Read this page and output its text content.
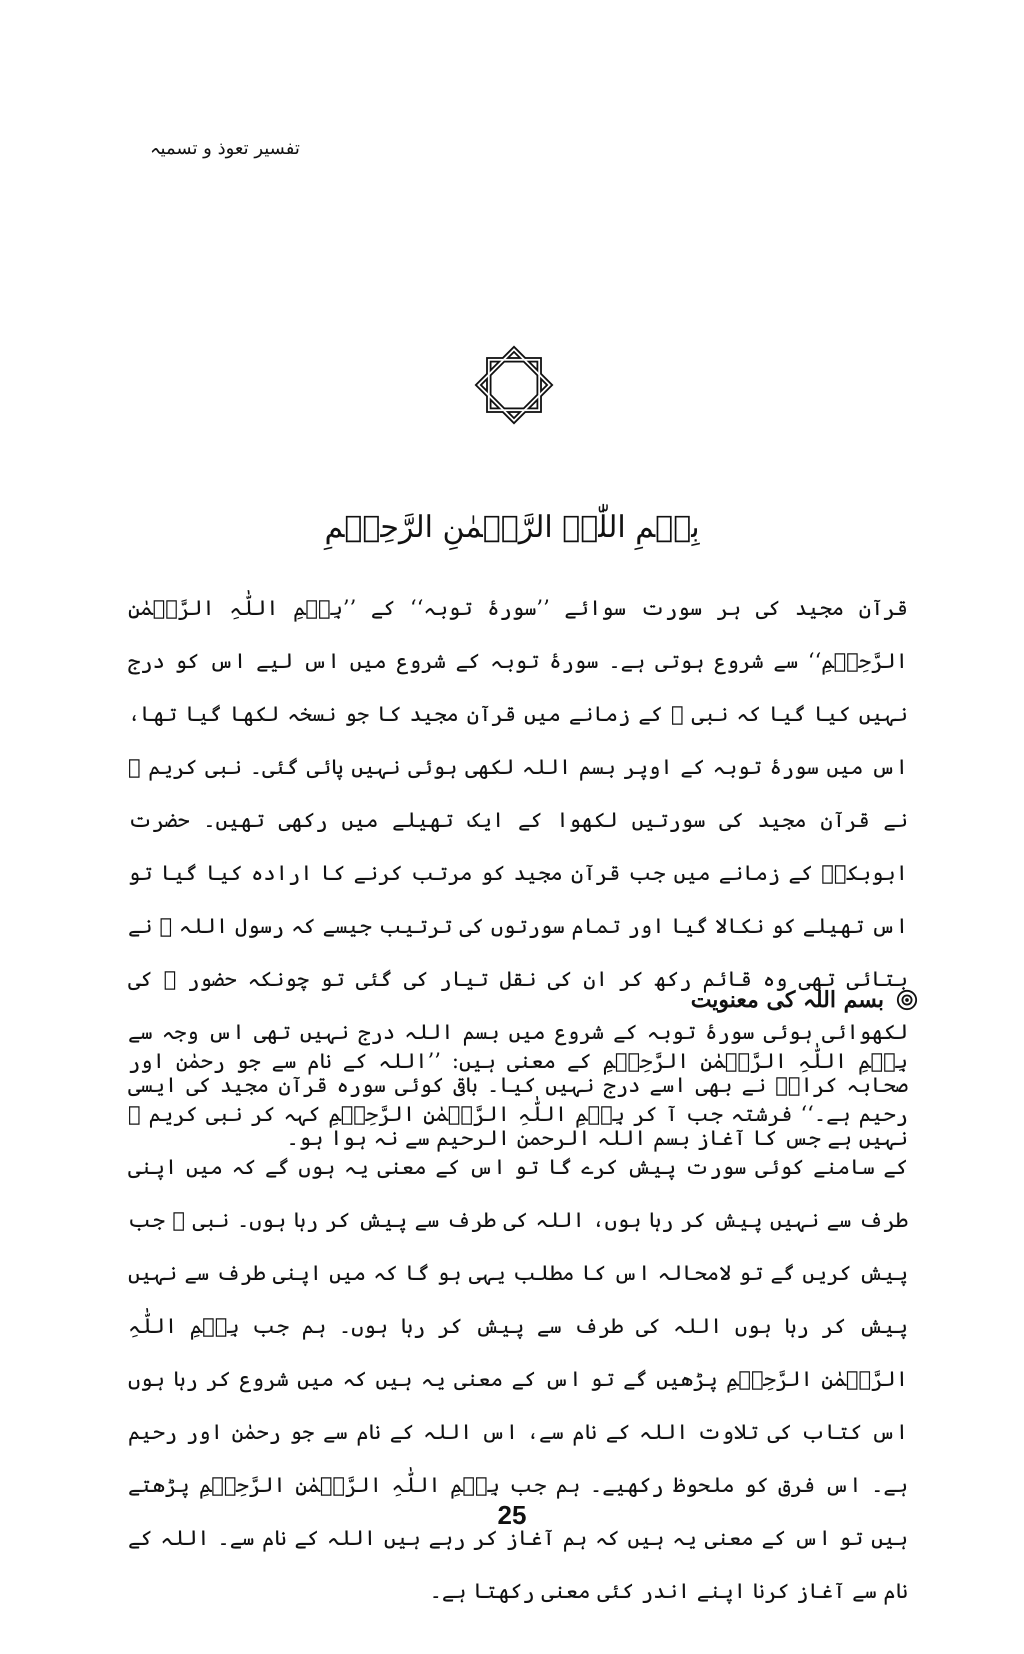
تفسیر تعوذ و تسمیہ
بِسۡمِ اللّٰہِ الرَّحۡمٰنِ الرَّحِیۡمِ

قرآن مجید کی ہر سورت سوائے ’’سورۂ توبہ‘‘ کے ’’بِسۡمِ اللّٰہِ الرَّحۡمٰنِ الرَّحِیۡمِ‘‘ سے شروع ہوتی ہے۔ سورۂ توبہ کے شروع میں اس لیے اس کو درج نہیں کیا گیا کہ نبی ﷺ کے زمانے میں قرآن مجید کا جو نسخہ لکھا گیا تھا، اس میں سورۂ توبہ کے اوپر بسم اللہ لکھی ہوئی نہیں پائی گئی۔ نبی کریم ﷺ نے قرآن مجید کی سورتیں لکھوا کے ایک تھیلے میں رکھی تھیں۔ حضرت ابوبکرؓ کے زمانے میں جب قرآن مجید کو مرتب کرنے کا ارادہ کیا گیا تو اس تھیلے کو نکالا گیا اور تمام سورتوں کی ترتیب جیسے کہ رسول اللہ ﷺ نے بتائی تھی وہ قائم رکھ کر ان کی نقل تیار کی گئی تو چونکہ حضور ﷺ کی لکھوائی ہوئی سورۂ توبہ کے شروع میں بسم اللہ درج نہیں تھی اس وجہ سے صحابہ کرامؓ نے بھی اسے درج نہیں کیا۔ باقی کوئی سورہ قرآن مجید کی ایسی نہیں ہے جس کا آغاز بسم اللہ الرحمن الرحیم سے نہ ہوا ہو۔

بسم اللہ کی معنویت

بِسۡمِ اللّٰہِ الرَّحۡمٰنِ الرَّحِیۡمِ کے معنی ہیں: ’’اللہ کے نام سے جو رحمٰن اور رحیم ہے۔‘‘ فرشتہ جب آ کر بِسۡمِ اللّٰہِ الرَّحۡمٰنِ الرَّحِیۡمِ کہہ کر نبی کریم ﷺ کے سامنے کوئی سورت پیش کرے گا تو اس کے معنی یہ ہوں گے کہ میں اپنی طرف سے نہیں پیش کر رہا ہوں، اللہ کی طرف سے پیش کر رہا ہوں۔ نبی ﷺ جب پیش کریں گے تو لامحالہ اس کا مطلب یہی ہو گا کہ میں اپنی طرف سے نہیں پیش کر رہا ہوں اللہ کی طرف سے پیش کر رہا ہوں۔ ہم جب بِسۡمِ اللّٰہِ الرَّحۡمٰنِ الرَّحِیۡمِ پڑھیں گے تو اس کے معنی یہ ہیں کہ میں شروع کر رہا ہوں اس کتاب کی تلاوت اللہ کے نام سے، اس اللہ کے نام سے جو رحمٰن اور رحیم ہے۔ اس فرق کو ملحوظ رکھیے۔ ہم جب بِسۡمِ اللّٰہِ الرَّحۡمٰنِ الرَّحِیۡمِ پڑھتے ہیں تو اس کے معنی یہ ہیں کہ ہم آغاز کر رہے ہیں اللہ کے نام سے۔ اللہ کے نام سے آغاز کرنا اپنے اندر کئی معنی رکھتا ہے۔

25
